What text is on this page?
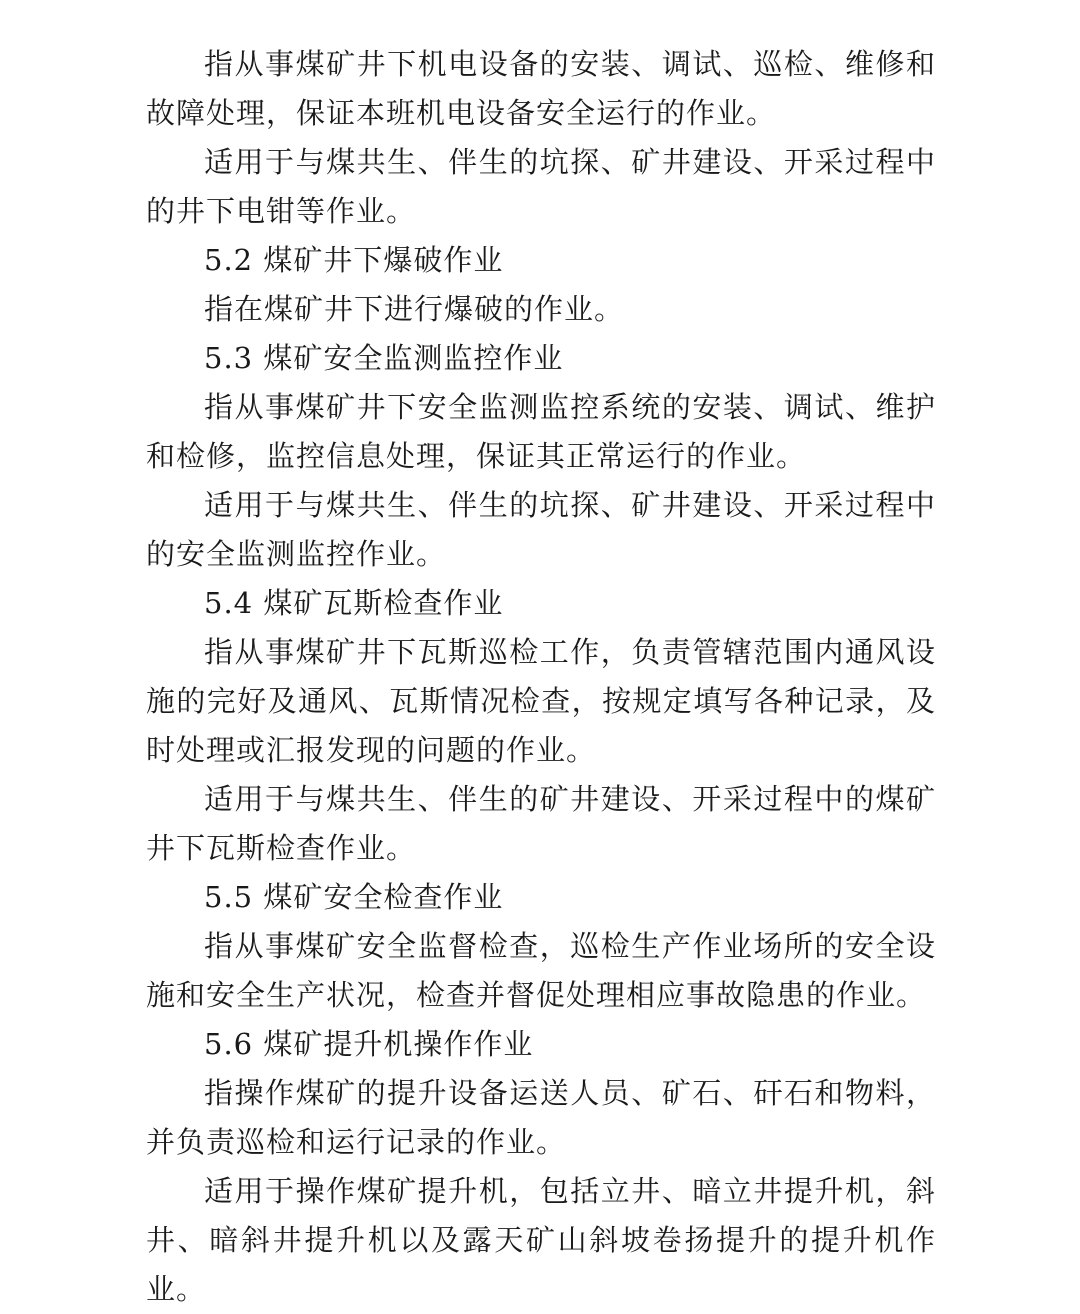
指从事煤矿井下机电设备的安装、调试、巡检、维修和故障处理，保证本班机电设备安全运行的作业。

适用于与煤共生、伴生的坑探、矿井建设、开采过程中的井下电钳等作业。

5.2 煤矿井下爆破作业

指在煤矿井下进行爆破的作业。

5.3 煤矿安全监测监控作业

指从事煤矿井下安全监测监控系统的安装、调试、维护和检修，监控信息处理，保证其正常运行的作业。

适用于与煤共生、伴生的坑探、矿井建设、开采过程中的安全监测监控作业。

5.4 煤矿瓦斯检查作业

指从事煤矿井下瓦斯巡检工作，负责管辖范围内通风设施的完好及通风、瓦斯情况检查，按规定填写各种记录，及时处理或汇报发现的问题的作业。

适用于与煤共生、伴生的矿井建设、开采过程中的煤矿井下瓦斯检查作业。

5.5 煤矿安全检查作业

指从事煤矿安全监督检查，巡检生产作业场所的安全设施和安全生产状况，检查并督促处理相应事故隐患的作业。

5.6 煤矿提升机操作作业

指操作煤矿的提升设备运送人员、矿石、矸石和物料，并负责巡检和运行记录的作业。

适用于操作煤矿提升机，包括立井、暗立井提升机，斜井、暗斜井提升机以及露天矿山斜坡卷扬提升的提升机作业。
